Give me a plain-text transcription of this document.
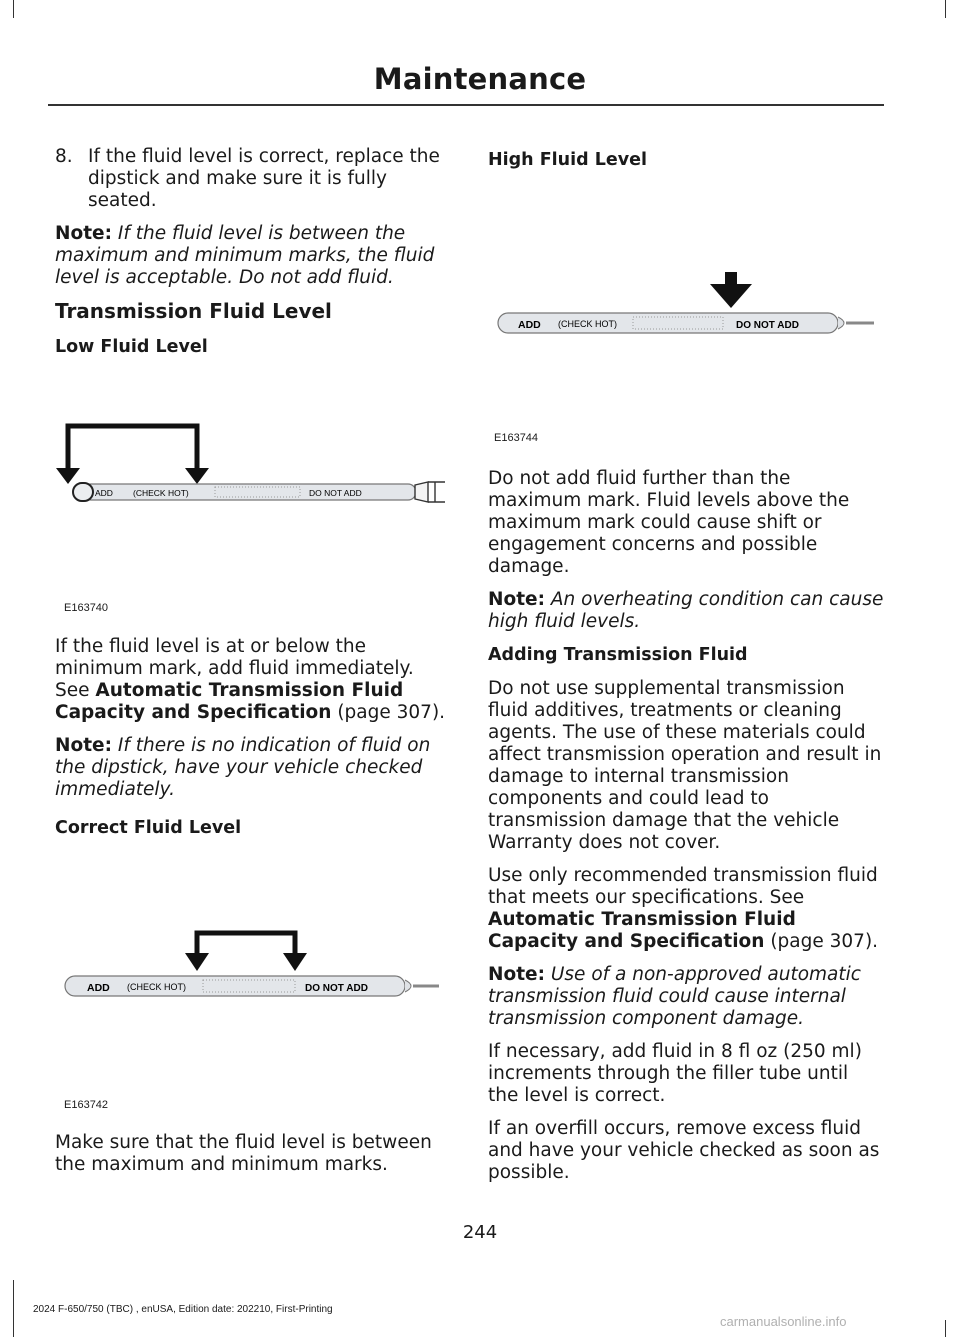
Maintenance
8. If the fluid level is correct, replace the dipstick and make sure it is fully seated.

Note: If the fluid level is between the maximum and minimum marks, the fluid level is acceptable. Do not add fluid.

Transmission Fluid Level
Low Fluid Level
ADD (CHECK HOT)	DO NOT ADD
E163740

If the fluid level is at or below the minimum mark, add fluid immediately. See Automatic Transmission Fluid Capacity and Specification (page 307).

Note: If there is no indication of fluid on the dipstick, have your vehicle checked immediately.

Correct Fluid Level
ADD (CHECK HOT)	DO NOT ADD
E163742

Make sure that the fluid level is between the maximum and minimum marks.

High Fluid Level
ADD (CHECK HOT)	DO NOT ADD
E163744

Do not add fluid further than the maximum mark. Fluid levels above the maximum mark could cause shift or engagement concerns and possible damage.

Note: An overheating condition can cause high fluid levels.

Adding Transmission Fluid

Do not use supplemental transmission fluid additives, treatments or cleaning agents. The use of these materials could affect transmission operation and result in damage to internal transmission components and could lead to transmission damage that the vehicle Warranty does not cover.

Use only recommended transmission fluid that meets our specifications. See Automatic Transmission Fluid Capacity and Specification (page 307).

Note: Use of a non-approved automatic transmission fluid could cause internal transmission component damage.

If necessary, add fluid in 8 fl oz (250 ml) increments through the filler tube until the level is correct.

If an overfill occurs, remove excess fluid and have your vehicle checked as soon as possible.

244
2024 F-650/750 (TBC) , enUSA, Edition date: 202210, First-Printing
carmanualsonline.info
